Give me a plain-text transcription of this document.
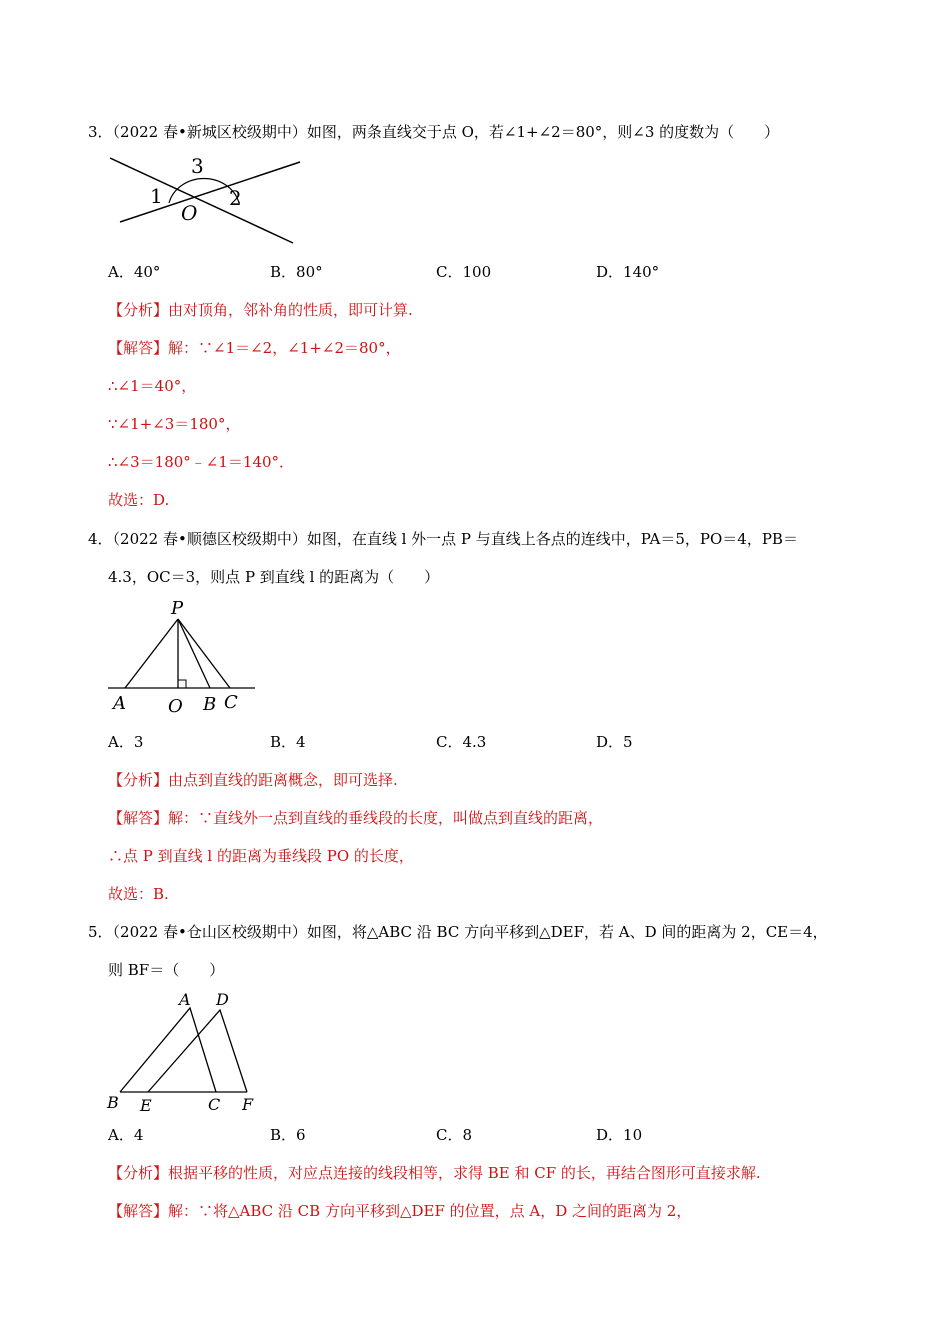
3．（2022 春•新城区校级期中）如图，两条直线交于点 O，若∠1+∠2＝80°，则∠3 的度数为（　　）
3
1	2
O
A．40°	B．80°	C．100	D．140°
【分析】由对顶角，邻补角的性质，即可计算.
【解答】解：∵∠1＝∠2，∠1+∠2＝80°，
∴∠1＝40°，
∵∠1+∠3＝180°，
∴∠3＝180°﹣∠1＝140°．
故选：D.
4．（2022 春•顺德区校级期中）如图，在直线 l 外一点 P 与直线上各点的连线中，PA＝5，PO＝4，PB＝
4.3，OC＝3，则点 P 到直线 l 的距离为（　　）
P
A O B C
A．3	B．4	C．4.3	D．5
【分析】由点到直线的距离概念，即可选择.
【解答】解：∵直线外一点到直线的垂线段的长度，叫做点到直线的距离，
∴点 P 到直线 l 的距离为垂线段 PO 的长度，
故选：B.
5．（2022 春•仓山区校级期中）如图，将△ABC 沿 BC 方向平移到△DEF，若 A、D 间的距离为 2，CE＝4，
则 BF＝（　　）
A D
B E	C F
A．4	B．6	C．8	D．10
【分析】根据平移的性质，对应点连接的线段相等，求得 BE 和 CF 的长，再结合图形可直接求解.
【解答】解：∵将△ABC 沿 CB 方向平移到△DEF 的位置，点 A，D 之间的距离为 2，
